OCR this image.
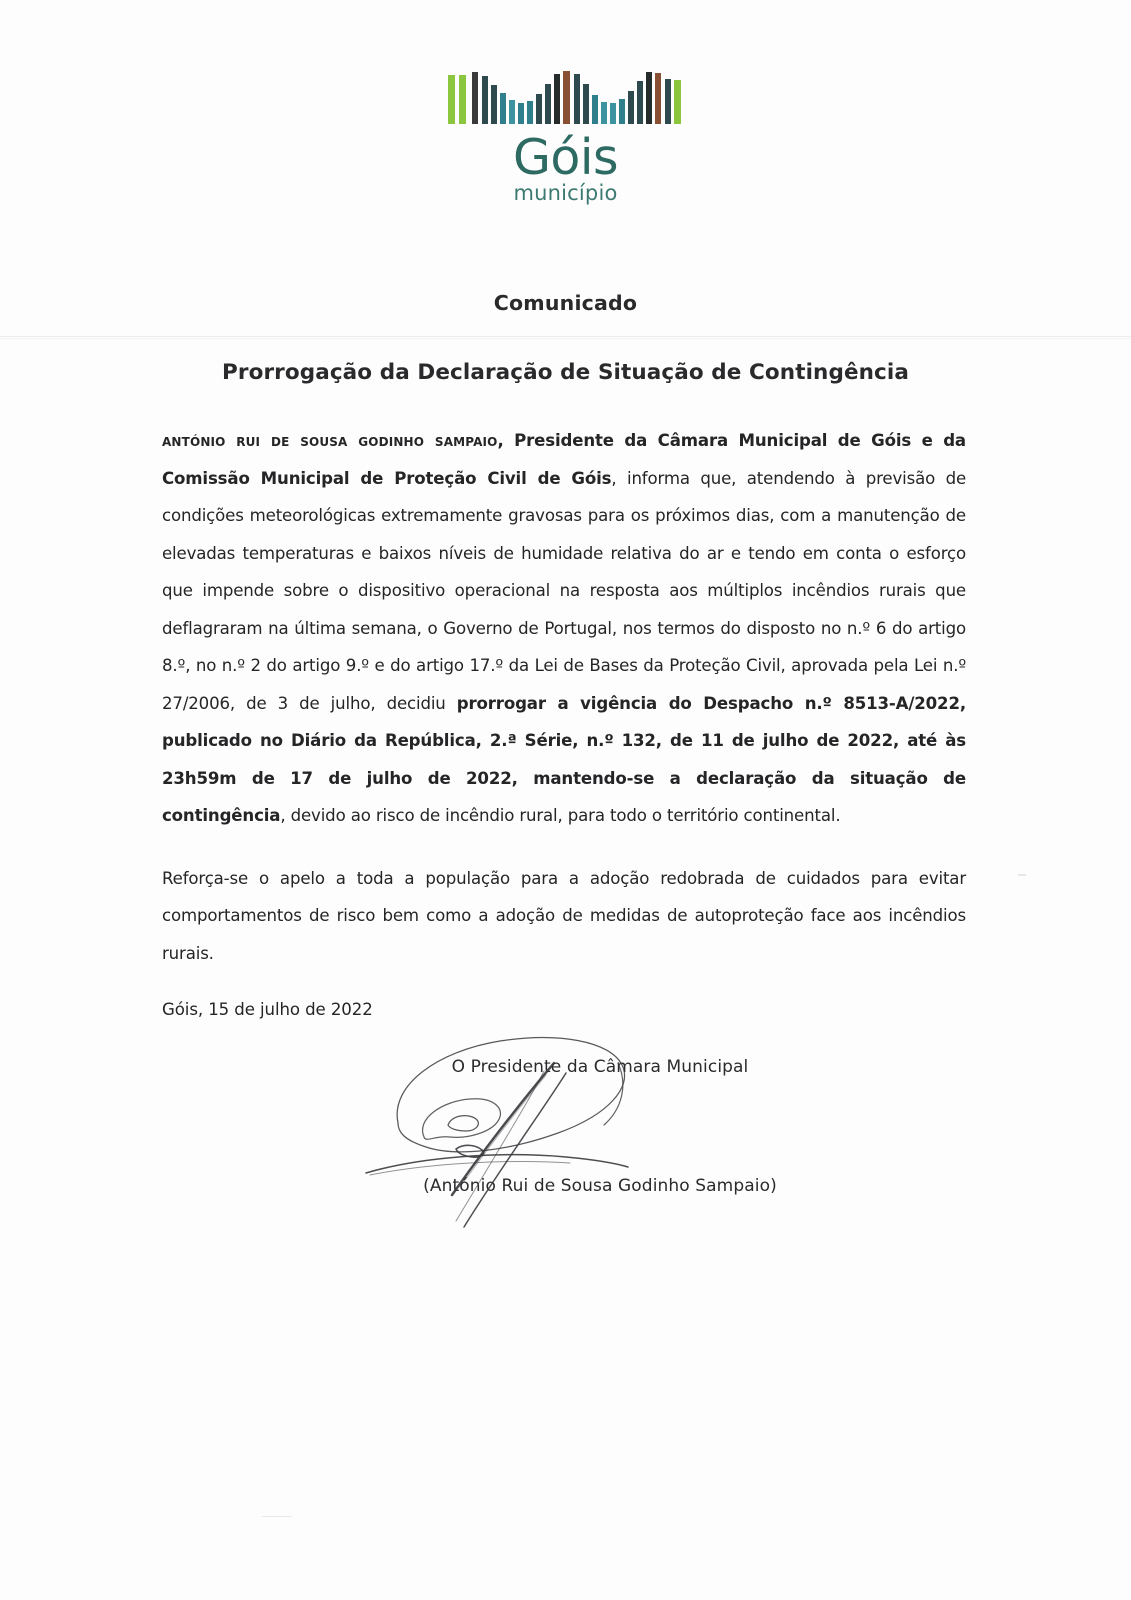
Góis
município
Comunicado
Prorrogação da Declaração de Situação de Contingência

antónio rui de sousa godinho sampaio, Presidente da Câmara Municipal de Góis e da Comissão Municipal de Proteção Civil de Góis, informa que, atendendo à previsão de condições meteorológicas extremamente gravosas para os próximos dias, com a manutenção de elevadas temperaturas e baixos níveis de humidade relativa do ar e tendo em conta o esforço que impende sobre o dispositivo operacional na resposta aos múltiplos incêndios rurais que deflagraram na última semana, o Governo de Portugal, nos termos do disposto no n.º 6 do artigo 8.º, no n.º 2 do artigo 9.º e do artigo 17.º da Lei de Bases da Proteção Civil, aprovada pela Lei n.º 27/2006, de 3 de julho, decidiu prorrogar a vigência do Despacho n.º 8513-A/2022, publicado no Diário da República, 2.ª Série, n.º 132, de 11 de julho de 2022, até às 23h59m de 17 de julho de 2022, mantendo-se a declaração da situação de contingência, devido ao risco de incêndio rural, para todo o território continental.

Reforça-se o apelo a toda a população para a adoção redobrada de cuidados para evitar comportamentos de risco bem como a adoção de medidas de autoproteção face aos incêndios rurais.

Góis, 15 de julho de 2022
O Presidente da Câmara Municipal
(António Rui de Sousa Godinho Sampaio)
